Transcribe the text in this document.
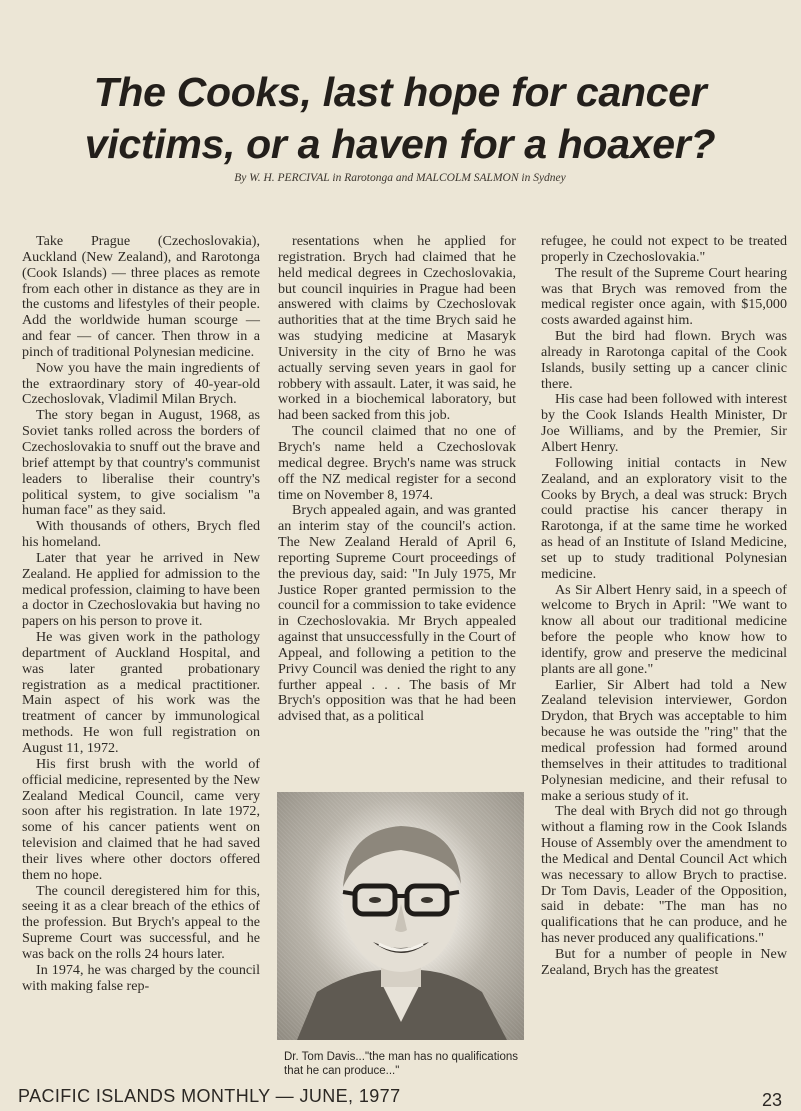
The Cooks, last hope for cancer victims, or a haven for a hoaxer?
By W. H. PERCIVAL in Rarotonga and MALCOLM SALMON in Sydney

Take Prague (Czechoslovakia), Auckland (New Zealand), and Rarotonga (Cook Islands) — three places as remote from each other in distance as they are in the customs and lifestyles of their people. Add the worldwide human scourge — and fear — of cancer. Then throw in a pinch of traditional Polynesian medicine.

Now you have the main ingredients of the extraordinary story of 40-year-old Czechoslovak, Vladimil Milan Brych.

The story began in August, 1968, as Soviet tanks rolled across the borders of Czechoslovakia to snuff out the brave and brief attempt by that country's communist leaders to liberalise their country's political system, to give socialism "a human face" as they said.

With thousands of others, Brych fled his homeland.

Later that year he arrived in New Zealand. He applied for admission to the medical profession, claiming to have been a doctor in Czechoslovakia but having no papers on his person to prove it.

He was given work in the pathology department of Auckland Hospital, and was later granted probationary registration as a medical practitioner. Main aspect of his work was the treatment of cancer by immunological methods. He won full registration on August 11, 1972.

His first brush with the world of official medicine, represented by the New Zealand Medical Council, came very soon after his registration. In late 1972, some of his cancer patients went on television and claimed that he had saved their lives where other doctors offered them no hope.

The council deregistered him for this, seeing it as a clear breach of the ethics of the profession. But Brych's appeal to the Supreme Court was successful, and he was back on the rolls 24 hours later.

In 1974, he was charged by the council with making false rep-

resentations when he applied for registration. Brych had claimed that he held medical degrees in Czechoslovakia, but council inquiries in Prague had been answered with claims by Czechoslovak authorities that at the time Brych said he was studying medicine at Masaryk University in the city of Brno he was actually serving seven years in gaol for robbery with assault. Later, it was said, he worked in a biochemical laboratory, but had been sacked from this job.

The council claimed that no one of Brych's name held a Czechoslovak medical degree. Brych's name was struck off the NZ medical register for a second time on November 8, 1974.

Brych appealed again, and was granted an interim stay of the council's action. The New Zealand Herald of April 6, reporting Supreme Court proceedings of the previous day, said: "In July 1975, Mr Justice Roper granted permission to the council for a commission to take evidence in Czechoslovakia. Mr Brych appealed against that unsuccessfully in the Court of Appeal, and following a petition to the Privy Council was denied the right to any further appeal . . . The basis of Mr Brych's opposition was that he had been advised that, as a political

Dr. Tom Davis..."the man has no qualifications that he can produce..."

refugee, he could not expect to be treated properly in Czechoslovakia."

The result of the Supreme Court hearing was that Brych was removed from the medical register once again, with $15,000 costs awarded against him.

But the bird had flown. Brych was already in Rarotonga capital of the Cook Islands, busily setting up a cancer clinic there.

His case had been followed with interest by the Cook Islands Health Minister, Dr Joe Williams, and by the Premier, Sir Albert Henry.

Following initial contacts in New Zealand, and an exploratory visit to the Cooks by Brych, a deal was struck: Brych could practise his cancer therapy in Rarotonga, if at the same time he worked as head of an Institute of Island Medicine, set up to study traditional Polynesian medicine.

As Sir Albert Henry said, in a speech of welcome to Brych in April: "We want to know all about our traditional medicine before the people who know how to identify, grow and preserve the medicinal plants are all gone."

Earlier, Sir Albert had told a New Zealand television interviewer, Gordon Drydon, that Brych was acceptable to him because he was outside the "ring" that the medical profession had formed around themselves in their attitudes to traditional Polynesian medicine, and their refusal to make a serious study of it.

The deal with Brych did not go through without a flaming row in the Cook Islands House of Assembly over the amendment to the Medical and Dental Council Act which was necessary to allow Brych to practise. Dr Tom Davis, Leader of the Opposition, said in debate: "The man has no qualifications that he can produce, and he has never produced any qualifications."

But for a number of people in New Zealand, Brych has the greatest

PACIFIC ISLANDS MONTHLY — JUNE, 1977	23
